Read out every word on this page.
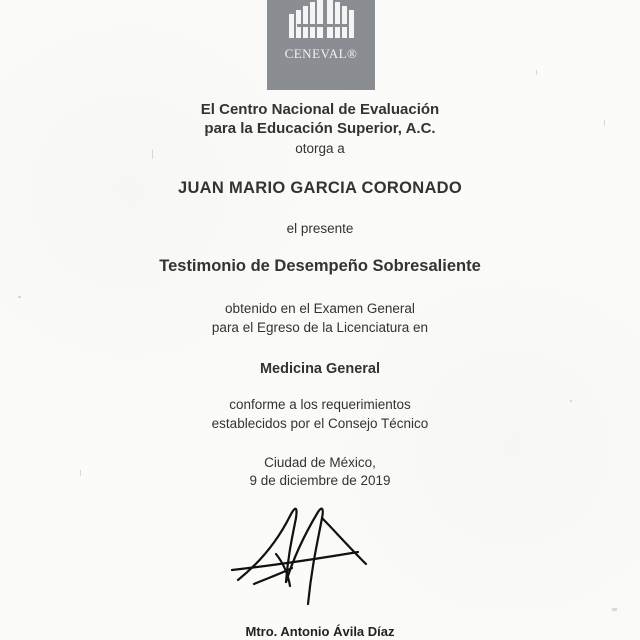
CENEVAL®
El Centro Nacional de Evaluación
para la Educación Superior, A.C.
otorga a
JUAN MARIO GARCIA CORONADO
el presente
Testimonio de Desempeño Sobresaliente
obtenido en el Examen General
para el Egreso de la Licenciatura en
Medicina General
conforme a los requerimientos
establecidos por el Consejo Técnico
Ciudad de México,
9 de diciembre de 2019
Mtro. Antonio Ávila Díaz
